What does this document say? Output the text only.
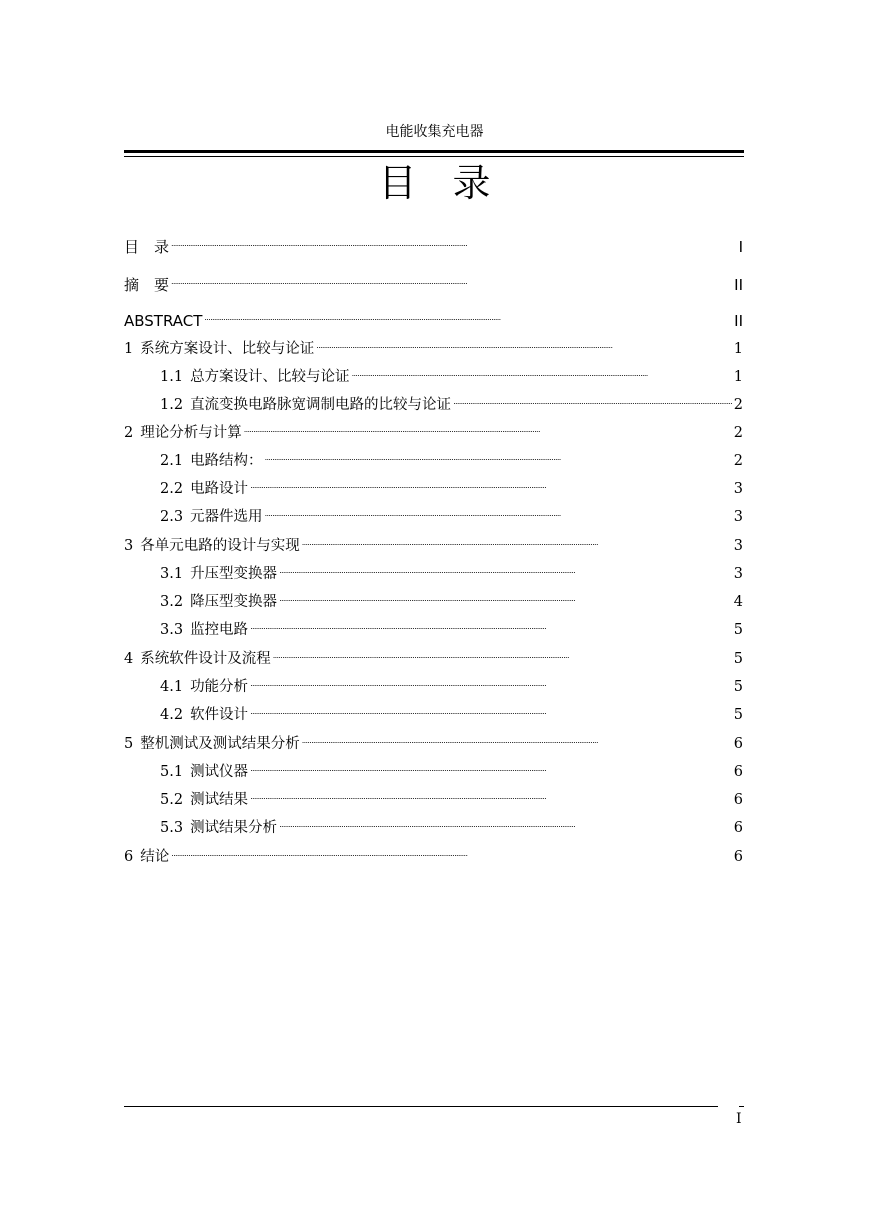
电能收集充电器
目录
目　录 . . .	I
摘　要 . . .	II
ABSTRACT . . .	II
1 系统方案设计、比较与论证 . . .	1
1.1 总方案设计、比较与论证 . . .	1
1.2 直流变换电路脉宽调制电路的比较与论证 . . .	2
2 理论分析与计算 . . .	2
2.1 电路结构： . . .	2
2.2 电路设计 . . .	3
2.3 元器件选用 . . .	3
3 各单元电路的设计与实现 . . .	3
3.1 升压型变换器 . . .	3
3.2 降压型变换器 . . .	4
3.3 监控电路 . . .	5
4 系统软件设计及流程 . . .	5
4.1 功能分析 . . .	5
4.2 软件设计 . . .	5
5 整机测试及测试结果分析 . . .	6
5.1 测试仪器 . . .	6
5.2 测试结果 . . .	6
5.3 测试结果分析 . . .	6
6 结论 . . .	6
I
